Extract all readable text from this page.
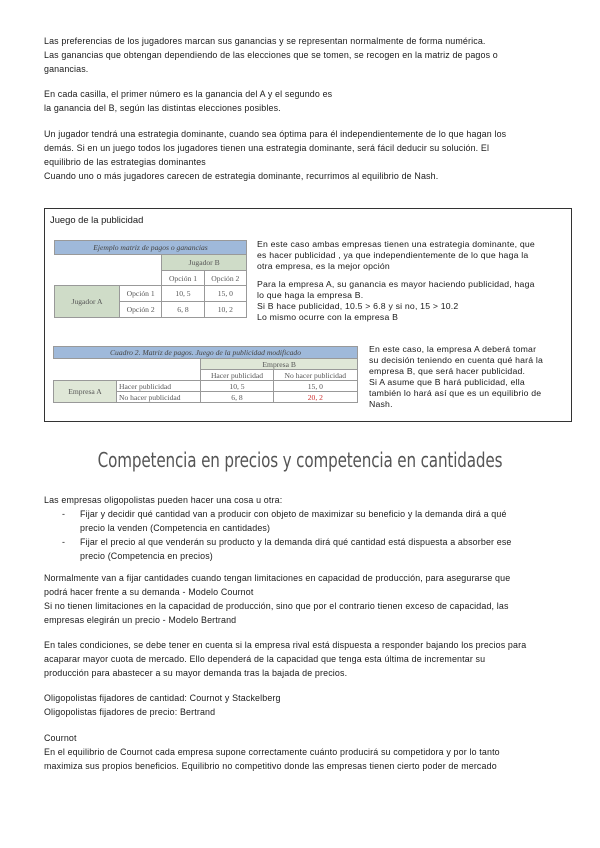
Las preferencias de los jugadores marcan sus ganancias y se representan normalmente de forma numérica.
Las ganancias que obtengan dependiendo de las elecciones que se tomen, se recogen en la matriz de pagos o
ganancias.
En cada casilla, el primer número es la ganancia del A y el segundo es
la ganancia del B, según las distintas elecciones posibles.
Un jugador tendrá una estrategia dominante, cuando sea óptima para él independientemente de lo que hagan los
demás. Si en un juego todos los jugadores tienen una estrategia dominante, será fácil deducir su solución. El
equilibrio de las estrategias dominantes
Cuando uno o más jugadores carecen de estrategia dominante, recurrimos al equilibrio de Nash.
Juego de la publicidad
Ejemplo matriz de pagos o ganancias			
		Jugador B	
		Opción 1	Opción 2
Jugador A	Opción 1	10, 5	15, 0
	Opción 2	6, 8	10, 2
En este caso ambas empresas tienen una estrategia dominante, que
es hacer publicidad , ya que independientemente de lo que haga la
otra empresa, es la mejor opción
Para la empresa A, su ganancia es mayor haciendo publicidad, haga
lo que haga la empresa B.
Si B hace publicidad, 10.5 > 6.8 y si no, 15 > 10.2
Lo mismo ocurre con la empresa B
Cuadro 2. Matriz de pagos. Juego de la publicidad modificado			
		Empresa B	
		Hacer publicidad	No hacer publicidad
Empresa A	Hacer publicidad	10, 5	15, 0
	No hacer publicidad	6, 8	20, 2
En este caso, la empresa A deberá tomar
su decisión teniendo en cuenta qué hará la
empresa B, que será hacer publicidad.
Si A asume que B hará publicidad, ella
también lo hará así que es un equilibrio de
Nash.
Competencia en precios y competencia en cantidades
Las empresas oligopolistas pueden hacer una cosa u otra:
- Fijar y decidir qué cantidad van a producir con objeto de maximizar su beneficio y la demanda dirá a qué
precio la venden (Competencia en cantidades)
- Fijar el precio al que venderán su producto y la demanda dirá qué cantidad está dispuesta a absorber ese
precio (Competencia en precios)
Normalmente van a fijar cantidades cuando tengan limitaciones en capacidad de producción, para asegurarse que
podrá hacer frente a su demanda - Modelo Cournot
Si no tienen limitaciones en la capacidad de producción, sino que por el contrario tienen exceso de capacidad, las
empresas elegirán un precio - Modelo Bertrand
En tales condiciones, se debe tener en cuenta si la empresa rival está dispuesta a responder bajando los precios para
acaparar mayor cuota de mercado. Ello dependerá de la capacidad que tenga esta última de incrementar su
producción para abastecer a su mayor demanda tras la bajada de precios.
Oligopolistas fijadores de cantidad: Cournot y Stackelberg
Oligopolistas fijadores de precio: Bertrand
Cournot
En el equilibrio de Cournot cada empresa supone correctamente cuánto producirá su competidora y por lo tanto
maximiza sus propios beneficios. Equilibrio no competitivo donde las empresas tienen cierto poder de mercado
